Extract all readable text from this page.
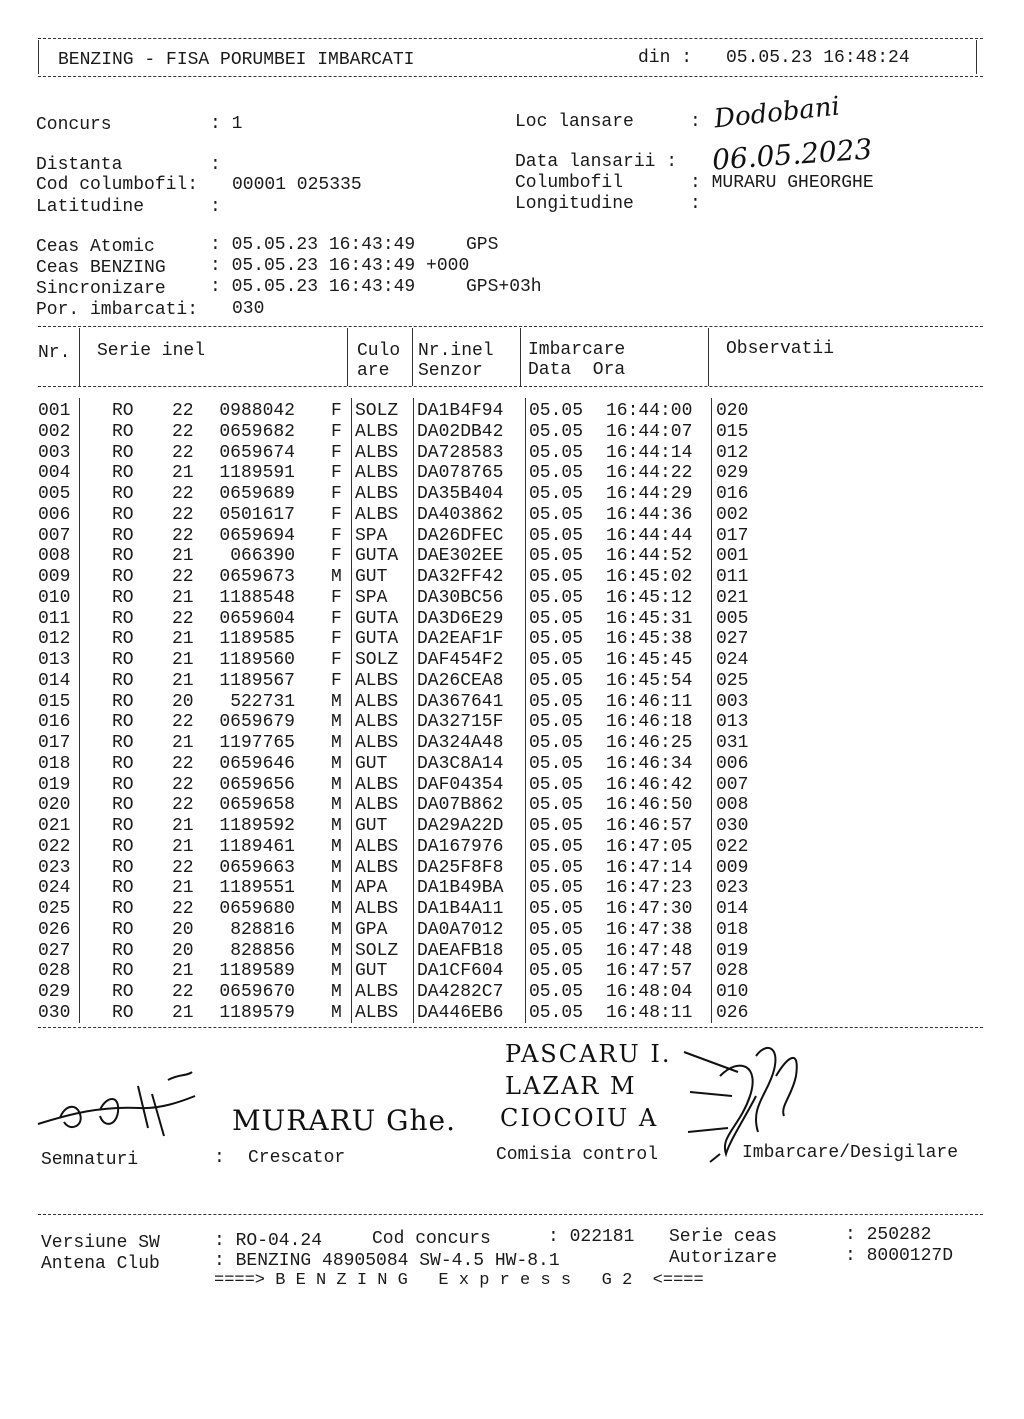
BENZING - FISA PORUMBEI IMBARCATI	din : 05.05.23 16:48:24
Concurs	: 1
Distanta	:
Cod columbofil: 00001 025335
Latitudine	:
Loc lansare	: Dodobani
Data lansarii : 06.05.2023
Columbofil	: MURARU GHEORGHE
Longitudine	:
Ceas Atomic	: 05.05.23 16:43:49	GPS
Ceas BENZING : 05.05.23 16:43:49 +000
Sincronizare : 05.05.23 16:43:49	GPS+03h
Por. imbarcati: 030
Nr. Serie inel	Culo
are
Nr.inel
Senzor
Imbarcare
Data  Ora
Observatii
001 RO 22	0988042 F SOLZ DA1B4F94 05.05 16:44:00 020
002 RO 22	0659682 F ALBS DA02DB42 05.05 16:44:07 015
003 RO 22	0659674 F ALBS DA728583 05.05 16:44:14 012
004 RO 21	1189591 F ALBS DA078765 05.05 16:44:22 029
005 RO 22	0659689 F ALBS DA35B404 05.05 16:44:29 016
006 RO 22	0501617 F ALBS DA403862 05.05 16:44:36 002
007 RO 22	0659694 F SPA DA26DFEC 05.05 16:44:44 017
008 RO 21	066390 F GUTA DAE302EE 05.05 16:44:52 001
009 RO 22	0659673 M GUT DA32FF42 05.05 16:45:02 011
010 RO 21	1188548 F SPA DA30BC56 05.05 16:45:12 021
011 RO 22	0659604 F GUTA DA3D6E29 05.05 16:45:31 005
012 RO 21	1189585 F GUTA DA2EAF1F 05.05 16:45:38 027
013 RO 21	1189560 F SOLZ DAF454F2 05.05 16:45:45 024
014 RO 21	1189567 F ALBS DA26CEA8 05.05 16:45:54 025
015 RO 20	522731 M ALBS DA367641 05.05 16:46:11 003
016 RO 22	0659679 M ALBS DA32715F 05.05 16:46:18 013
017 RO 21	1197765 M ALBS DA324A48 05.05 16:46:25 031
018 RO 22	0659646 M GUT DA3C8A14 05.05 16:46:34 006
019 RO 22	0659656 M ALBS DAF04354 05.05 16:46:42 007
020 RO 22	0659658 M ALBS DA07B862 05.05 16:46:50 008
021 RO 21	1189592 M GUT DA29A22D 05.05 16:46:57 030
022 RO 21	1189461 M ALBS DA167976 05.05 16:47:05 022
023 RO 22	0659663 M ALBS DA25F8F8 05.05 16:47:14 009
024 RO 21	1189551 M APA DA1B49BA 05.05 16:47:23 023
025 RO 22	0659680 M ALBS DA1B4A11 05.05 16:47:30 014
026 RO 20	828816 M GPA DA0A7012 05.05 16:47:38 018
027 RO 20	828856 M SOLZ DAEAFB18 05.05 16:47:48 019
028 RO 21	1189589 M GUT DA1CF604 05.05 16:47:57 028
029 RO 22	0659670 M ALBS DA4282C7 05.05 16:48:04 010
030 RO 21	1189579 M ALBS DA446EB6 05.05 16:48:11 026
MURARU Ghe.
PASCARU I.
LAZAR M
CIOCOIU A
Semnaturi	: Crescator	Comisia control	Imbarcare/Desigilare
Versiune SW	: RO-04.24	Cod concurs	: 022181 Serie ceas	: 250282
Antena Club	: BENZING 48905084 SW-4.5 HW-8.1	Autorizare	: 8000127D
====> B E N Z I N G   E x p r e s s   G 2  <====
